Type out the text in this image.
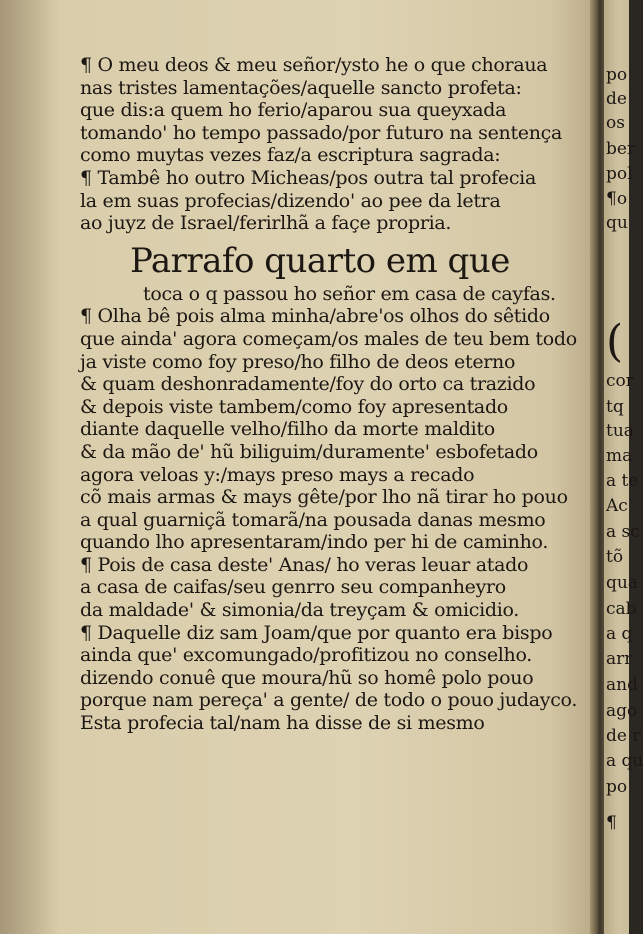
¶ O meu deos & meu señor/ysto he o que choraua
nas tristes lamentações/aquelle sancto profeta:
que dis:a quem ho ferio/aparou sua queyxada
tomando' ho tempo passado/por futuro na sentença
como muytas vezes faz/a escriptura sagrada:
¶ Tambê ho outro Micheas/pos outra tal profecia
la em suas profecias/dizendo' ao pee da letra
ao juyz de Israel/ferirlhã a façe propria.
Parrafo quarto em que
toca o q passou ho señor em casa de cayfas.
¶ Olha bê pois alma minha/abre'os olhos do sêtido
que ainda' agora começam/os males de teu bem todo
ja viste como foy preso/ho filho de deos eterno
& quam deshonradamente/foy do orto ca trazido
& depois viste tambem/como foy apresentado
diante daquelle velho/filho da morte maldito
& da mão de' hũ biliguim/duramente' esbofetado
agora veloas y:/mays preso mays a recado
cõ mais armas & mays gête/por lho nã tirar ho pouo
a qual guarniçã tomarã/na pousada danas mesmo
quando lho apresentaram/indo per hi de caminho.
¶ Pois de casa deste' Anas/ ho veras leuar atado
a casa de caifas/seu genrro seu companheyro
da maldade' & simonia/da treyçam & omicidio.
¶ Daquelle diz sam Joam/que por quanto era bispo
ainda que' excomungado/profitizou no conselho.
dizendo conuê que moura/hũ so homê polo pouo
porque nam pereça' a gente/ de todo o pouo judayco.
Esta profecia tal/nam ha disse de si mesmo
po
de
os
ber
pol
¶o
qu
(
cor
tq
tua
ma
a te
Ac
a sc
tõ
qua
cab
a q
arr
and
ago
de r
a qu
po
¶
